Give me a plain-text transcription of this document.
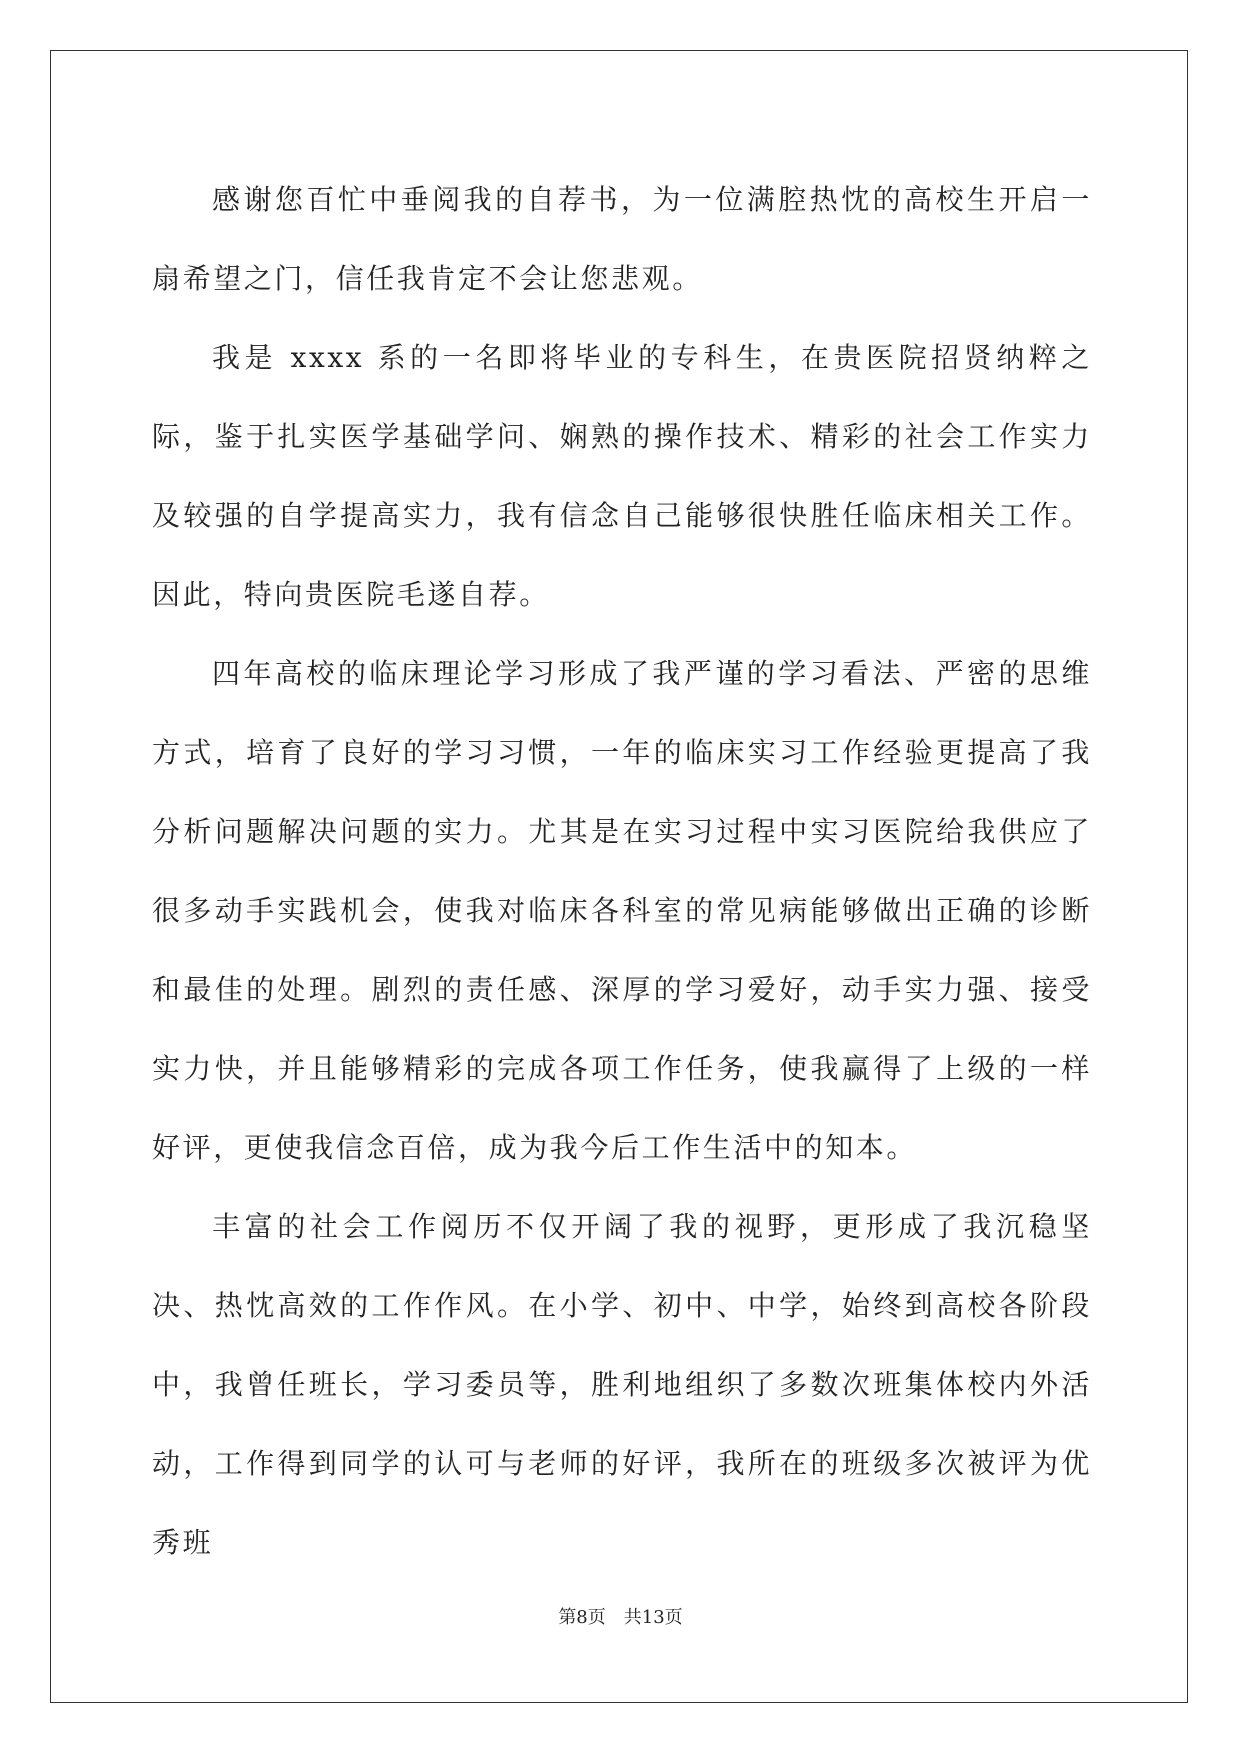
感谢您百忙中垂阅我的自荐书，为一位满腔热忱的高校生开启一扇希望之门，信任我肯定不会让您悲观。

我是 xxxx 系的一名即将毕业的专科生，在贵医院招贤纳粹之际，鉴于扎实医学基础学问、娴熟的操作技术、精彩的社会工作实力及较强的自学提高实力，我有信念自己能够很快胜任临床相关工作。因此，特向贵医院毛遂自荐。

四年高校的临床理论学习形成了我严谨的学习看法、严密的思维方式，培育了良好的学习习惯，一年的临床实习工作经验更提高了我分析问题解决问题的实力。尤其是在实习过程中实习医院给我供应了很多动手实践机会，使我对临床各科室的常见病能够做出正确的诊断和最佳的处理。剧烈的责任感、深厚的学习爱好，动手实力强、接受实力快，并且能够精彩的完成各项工作任务，使我赢得了上级的一样好评，更使我信念百倍，成为我今后工作生活中的知本。

丰富的社会工作阅历不仅开阔了我的视野，更形成了我沉稳坚决、热忱高效的工作作风。在小学、初中、中学，始终到高校各阶段中，我曾任班长，学习委员等，胜利地组织了多数次班集体校内外活动，工作得到同学的认可与老师的好评，我所在的班级多次被评为优秀班

第8页　共13页
